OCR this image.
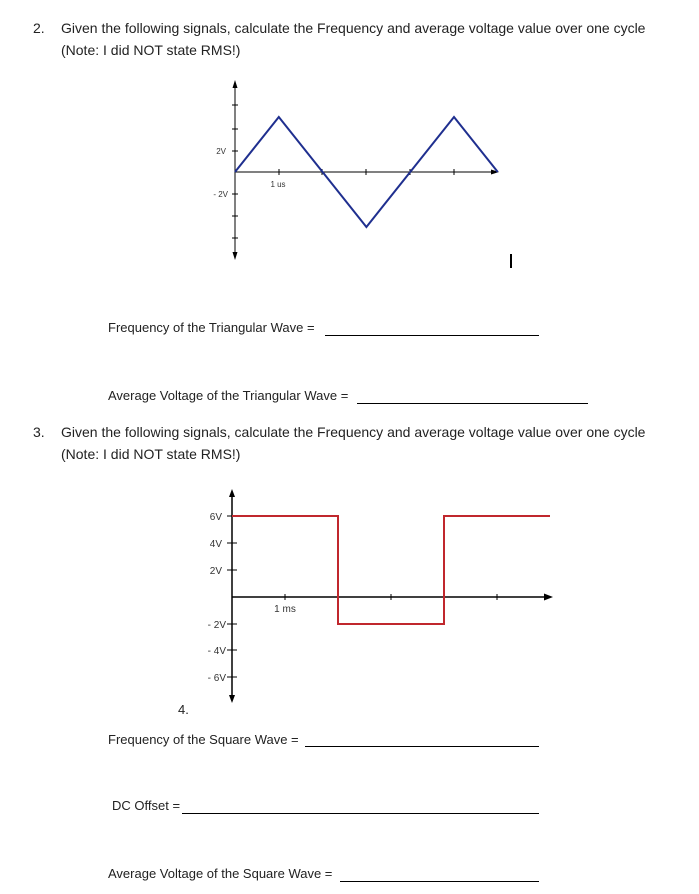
2. Given the following signals, calculate the Frequency and average voltage value over one cycle
(Note: I did NOT state RMS!)
2V
- 2V
1 us
Frequency of the Triangular Wave =
Average Voltage of the Triangular Wave =
3. Given the following signals, calculate the Frequency and average voltage value over one cycle
(Note: I did NOT state RMS!)
6V
4V
2V
- 2V
- 4V
- 6V
1 ms
4.
Frequency of the Square Wave =
DC Offset =
Average Voltage of the Square Wave =
